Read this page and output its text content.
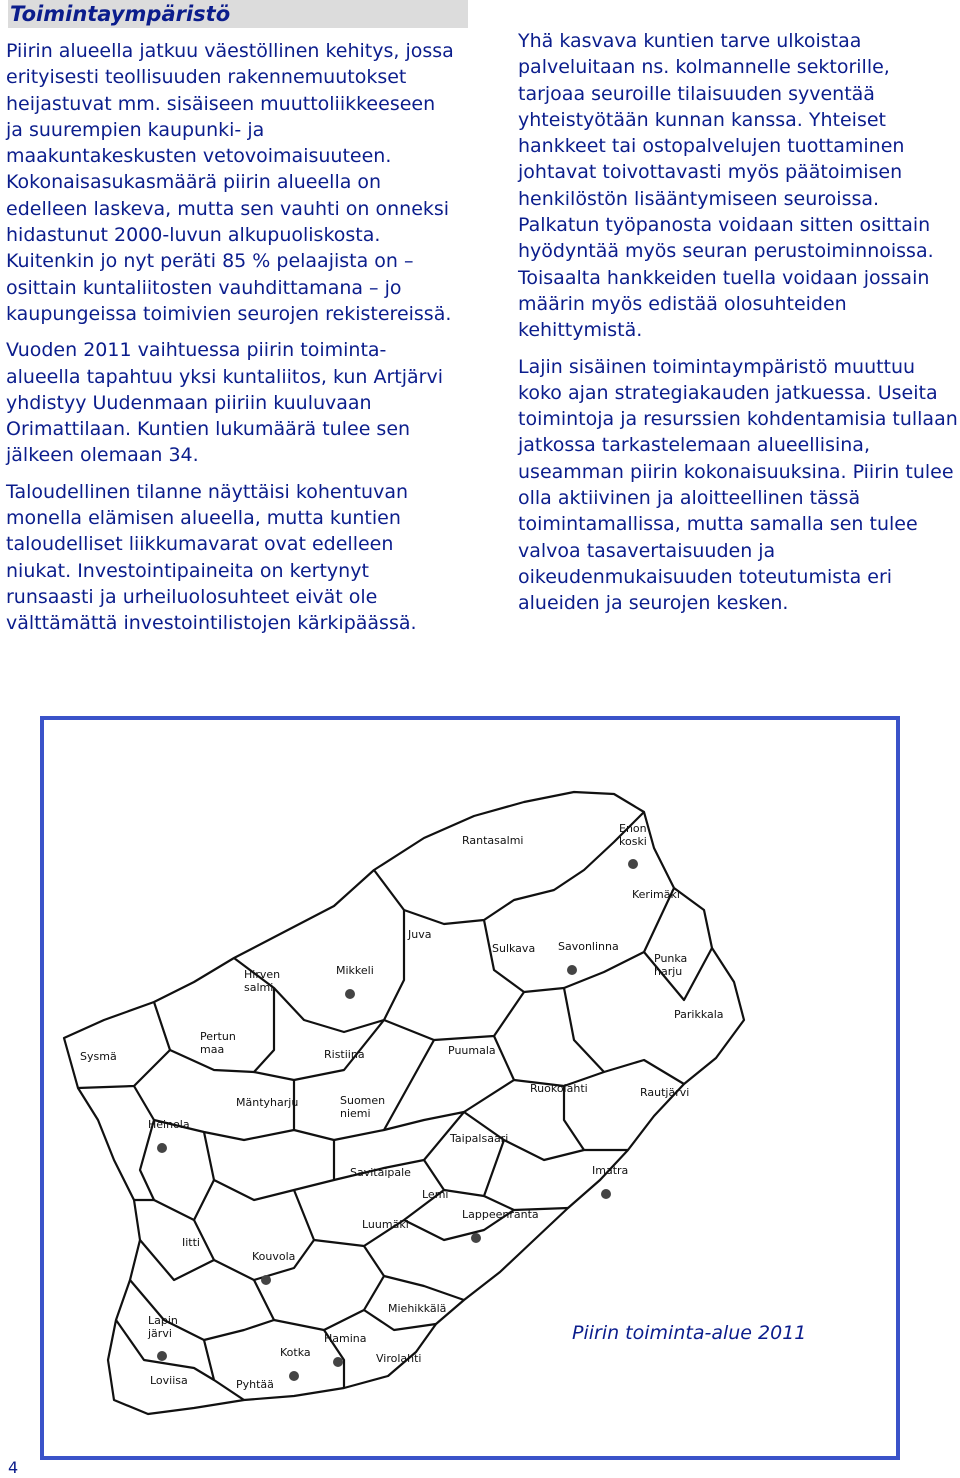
Toimintaympäristö

Piirin alueella jatkuu väestöllinen kehitys, jossa erityisesti teollisuuden rakennemuutokset heijastuvat mm. sisäiseen muuttoliikkeeseen ja suurempien kaupunki- ja maakuntakeskusten vetovoimaisuuteen. Kokonaisasukasmäärä piirin alueella on edelleen laskeva, mutta sen vauhti on onneksi hidastunut 2000-luvun alkupuoliskosta. Kuitenkin jo nyt peräti 85 % pelaajista on – osittain kuntaliitosten vauhdittamana – jo kaupungeissa toimivien seurojen rekistereissä.

Vuoden 2011 vaihtuessa piirin toiminta-alueella tapahtuu yksi kuntaliitos, kun Artjärvi yhdistyy Uudenmaan piiriin kuuluvaan Orimattilaan. Kuntien lukumäärä tulee sen jälkeen olemaan 34.

Taloudellinen tilanne näyttäisi kohentuvan monella elämisen alueella, mutta kuntien taloudelliset liikkumavarat ovat edelleen niukat. Investointipaineita on kertynyt runsaasti ja urheiluolosuhteet eivät ole välttämättä investointilistojen kärkipäässä.

Yhä kasvava kuntien tarve ulkoistaa palveluitaan ns. kolmannelle sektorille, tarjoaa seuroille tilaisuuden syventää yhteistyötään kunnan kanssa. Yhteiset hankkeet tai ostopalvelujen tuottaminen johtavat toivottavasti myös päätoimisen henkilöstön lisääntymiseen seuroissa. Palkatun työpanosta voidaan sitten osittain hyödyntää myös seuran perustoiminnoissa. Toisaalta hankkeiden tuella voidaan jossain määrin myös edistää olosuhteiden kehittymistä.

Lajin sisäinen toimintaympäristö muuttuu koko ajan strategiakauden jatkuessa. Useita toimintoja ja resurssien kohdentamisia tullaan jatkossa tarkastelemaan alueellisina, useamman piirin kokonaisuuksina. Piirin tulee olla aktiivinen ja aloitteellinen tässä toimintamallissa, mutta samalla sen tulee valvoa tasavertaisuuden ja oikeudenmukaisuuden toteutumista eri alueiden ja seurojen kesken.

Enon koski
Rantasalmi
Kerimäki
Juva
Sulkava Savonlinna
Punka harju
Hirven salmi
Mikkeli
Parikkala
Pertun maa
Sysmä	Ristiina	Puumala
Ruokolahti	Rautjärvi
Mäntyharju	Suomen niemi
Heinola
Taipalsaari
Savitaipale	Imatra
Lemi
Lappeenranta
Luumäki
Iitti
Kouvola
Miehikkälä
Lapin järvi	Hamina
Kotka	Virolahti
Loviisa	Pyhtää
Piirin toiminta-alue 2011
4
